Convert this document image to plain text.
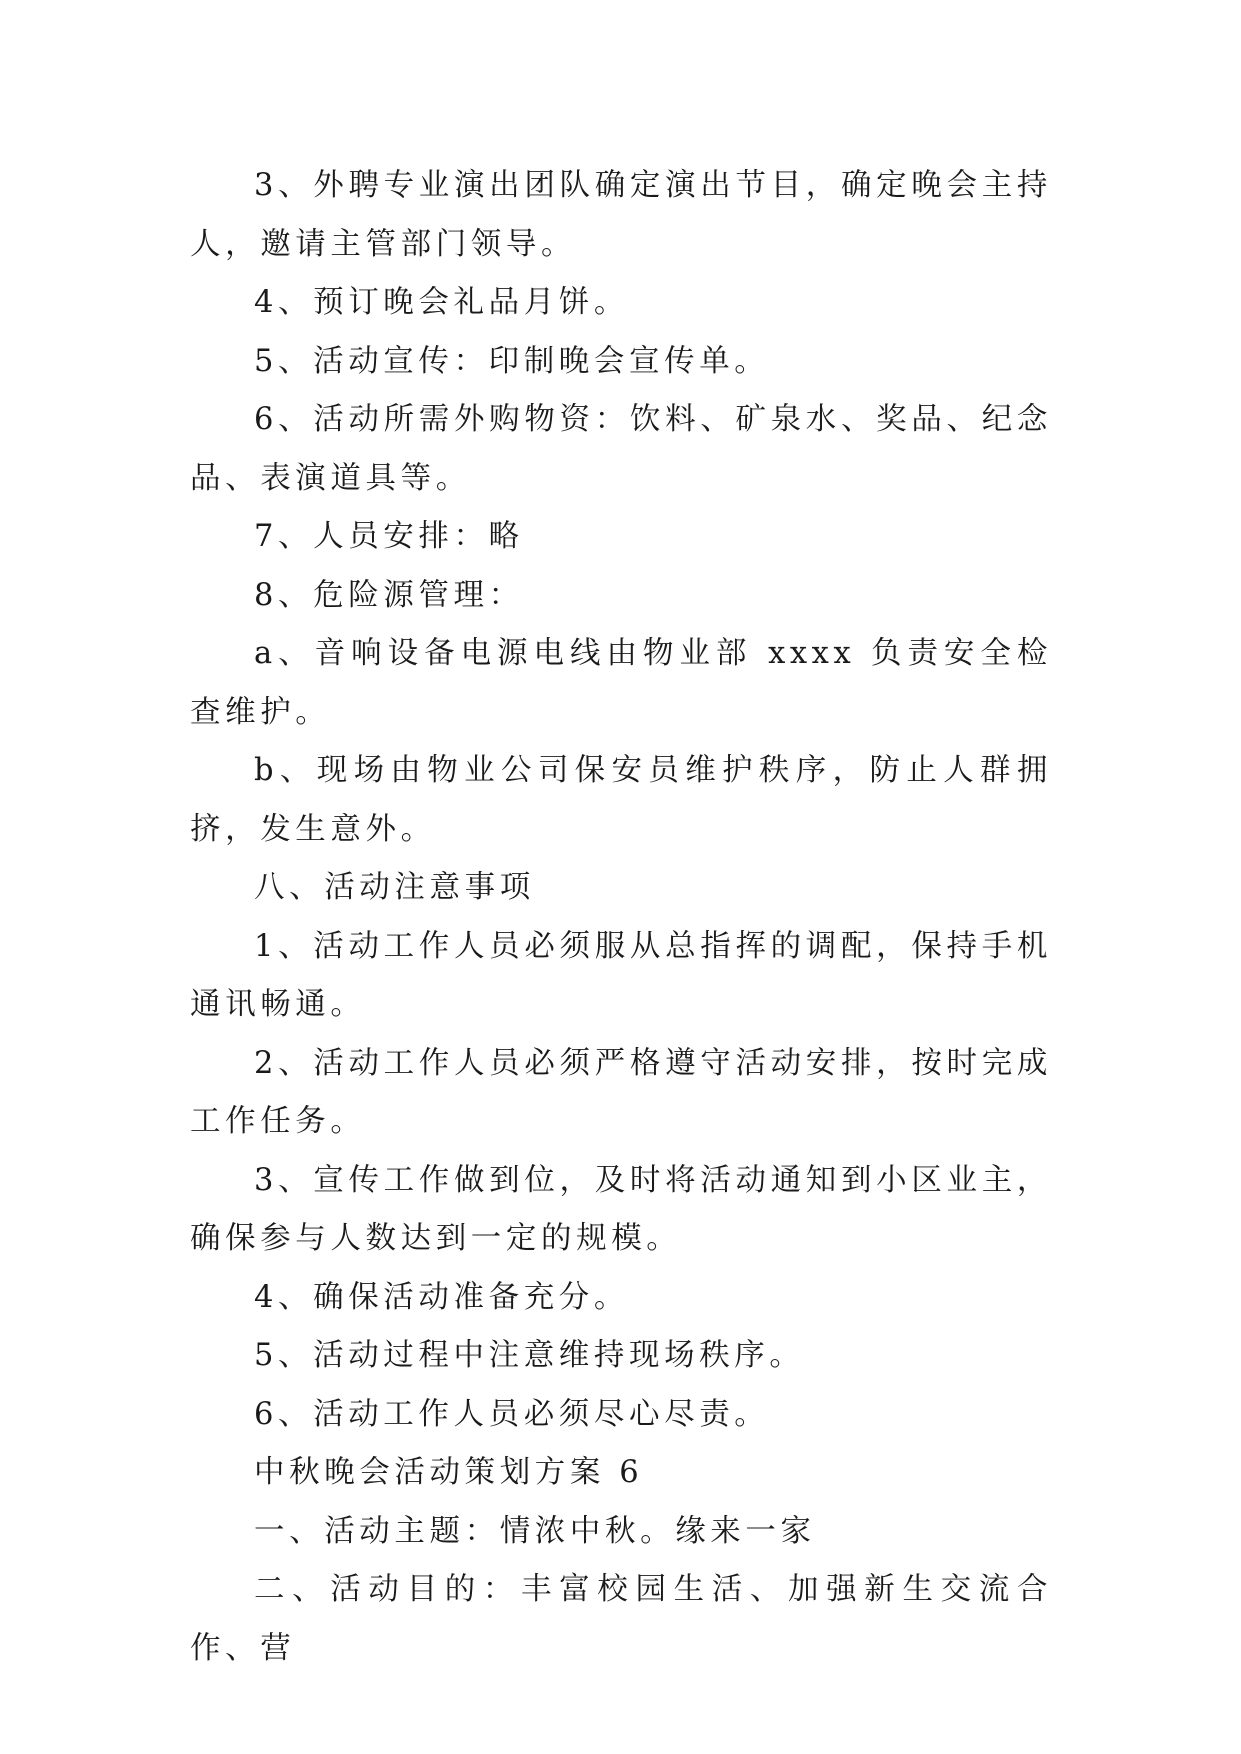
3、外聘专业演出团队确定演出节目，确定晚会主持人，邀请主管部门领导。

4、预订晚会礼品月饼。

5、活动宣传：印制晚会宣传单。

6、活动所需外购物资：饮料、矿泉水、奖品、纪念品、表演道具等。

7、人员安排：略

8、危险源管理：

a、音响设备电源电线由物业部 xxxx 负责安全检查维护。

b、现场由物业公司保安员维护秩序，防止人群拥挤，发生意外。

八、活动注意事项

1、活动工作人员必须服从总指挥的调配，保持手机通讯畅通。

2、活动工作人员必须严格遵守活动安排，按时完成工作任务。

3、宣传工作做到位，及时将活动通知到小区业主，确保参与人数达到一定的规模。

4、确保活动准备充分。

5、活动过程中注意维持现场秩序。

6、活动工作人员必须尽心尽责。

中秋晚会活动策划方案 6

一、活动主题：情浓中秋。缘来一家

二、活动目的：丰富校园生活、加强新生交流合作、营
